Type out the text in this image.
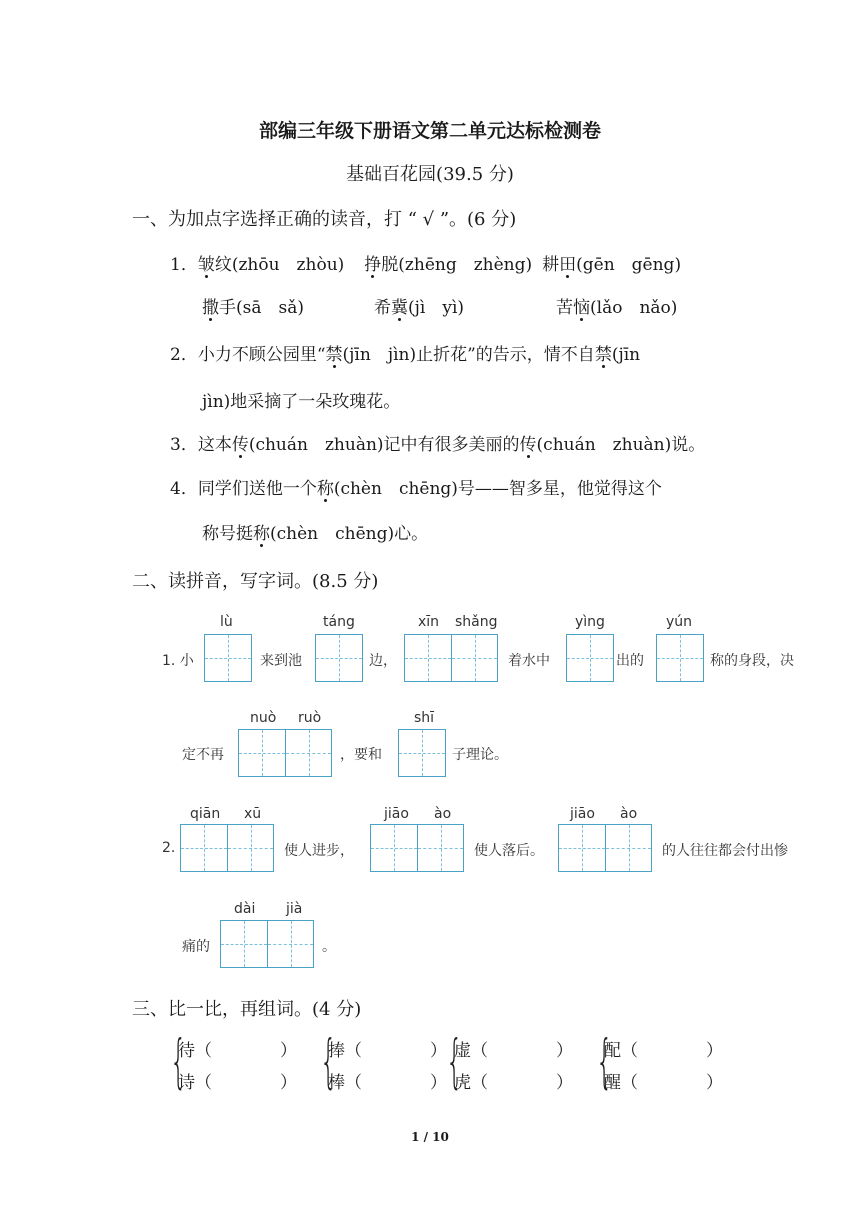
部编三年级下册语文第二单元达标检测卷
基础百花园(39.5 分)
一、为加点字选择正确的读音，打 “ √ ”。(6 分)
1．皱纹(zhōu　zhòu) 挣脱(zhēng　zhèng) 耕田(gēn　gēng)
撒手(sā　sǎ)	希冀(jì　yì)	苦恼(lǎo　nǎo)
2．小力不顾公园里“禁(jīn　jìn)止折花”的告示，情不自禁(jīn
jìn)地采摘了一朵玫瑰花。
3．这本传(chuán　zhuàn)记中有很多美丽的传(chuán　zhuàn)说。
4．同学们送他一个称(chèn　chēng)号——智多星，他觉得这个
称号挺称(chèn　chēng)心。
二、读拼音，写字词。(8.5 分)
1. 小
lù
来到池
táng
边，
xīn shǎng
着水中
yìng
出的
yún
称的身段，决
定不再
nuò ruò
，要和
shī
子理论。
2.
qiān xū
使人进步，
jiāo ào
使人落后。
jiāo ào
的人往往都会付出惨
痛的
dài jià
。
三、比一比，再组词。(4 分)
{
待（　　　　）
诗（　　　　） {
捧（　　　　）
棒（　　　　） {
虚（　　　　）
虎（　　　　） {
配（　　　　）
醒（　　　　）
1 / 10
